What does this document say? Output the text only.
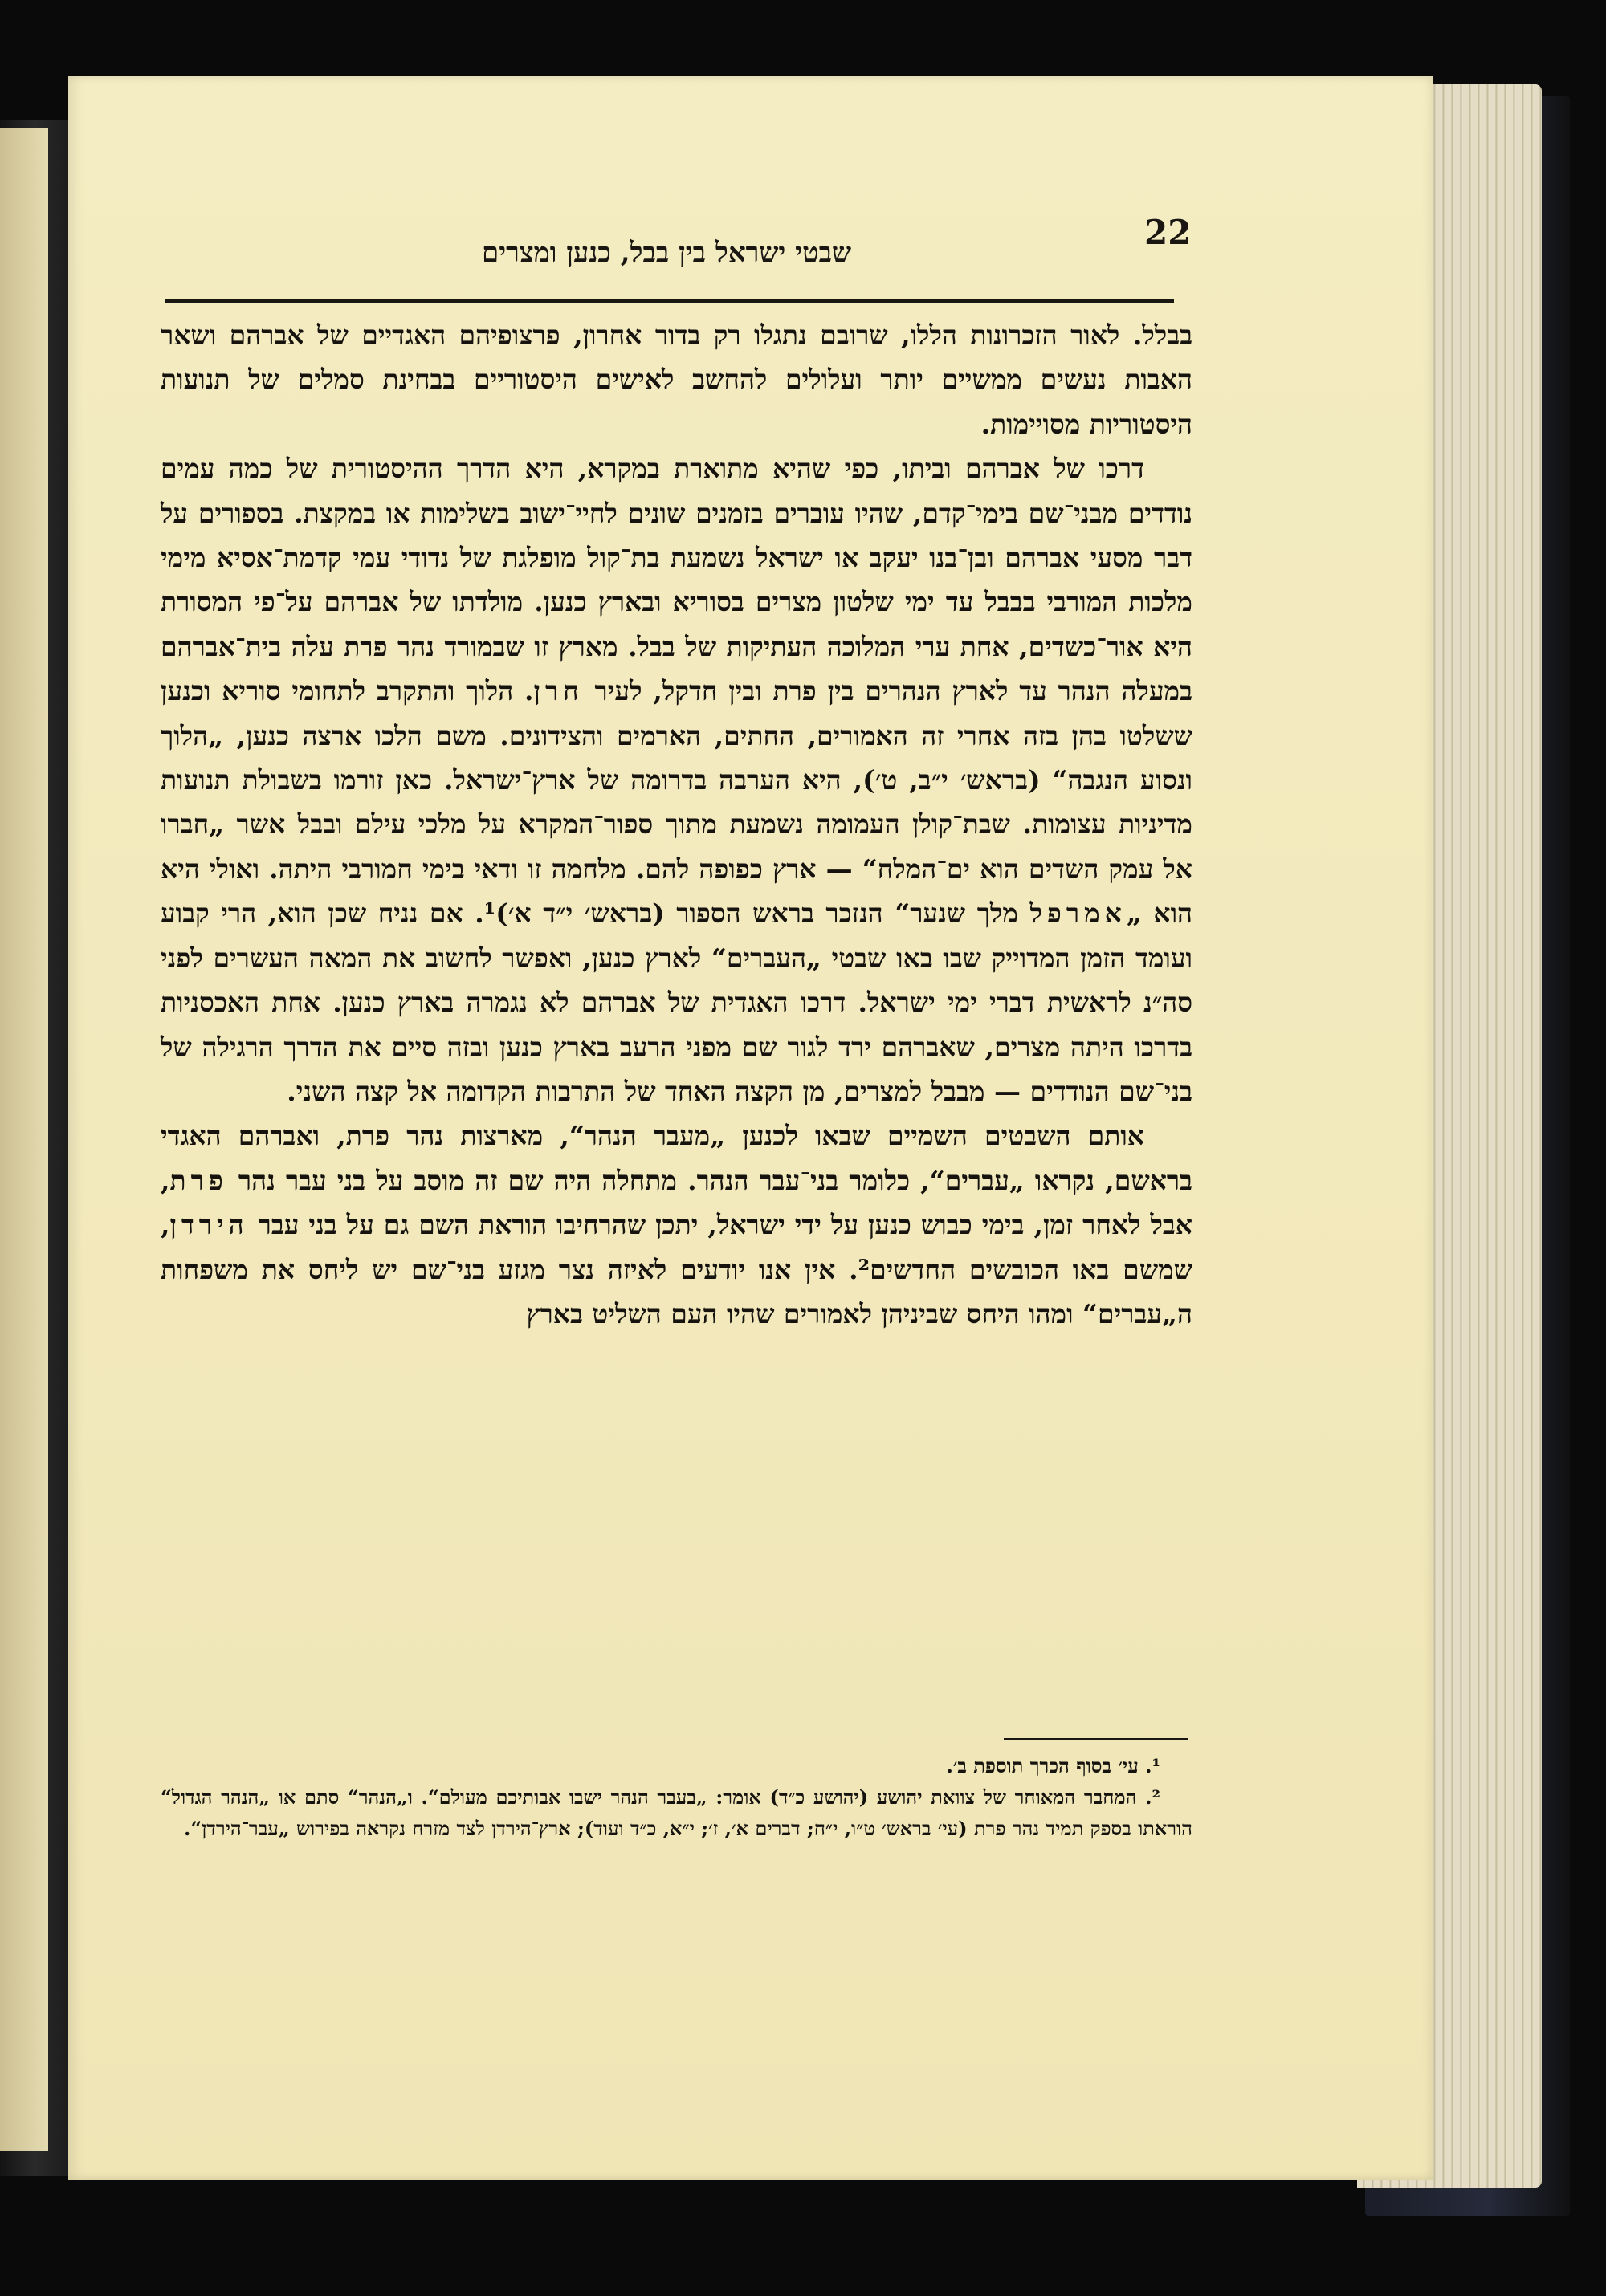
22
שבטי ישראל בין בבל, כנען ומצרים

בבלל. לאור הזכרונות הללו, שרובם נתגלו רק בדור אחרון, פרצופיהם האגדיים של אברהם ושאר האבות נעשים ממשיים יותר ועלולים להחשב לאישים היסטוריים בבחינת סמלים של תנועות היסטוריות מסויימות.

דרכו של אברהם וביתו, כפי שהיא מתוארת במקרא, היא הדרך ההיסטורית של כמה עמים נודדים מבני־שם בימי־קדם, שהיו עוברים בזמנים שונים לחיי־ישוב בשלימות או במקצת. בספורים על דבר מסעי אברהם ובן־בנו יעקב או ישראל נשמעת בת־קול מופלגת של נדודי עמי קדמת־אסיא מימי מלכות המורבי בבבל עד ימי שלטון מצרים בסוריא ובארץ כנען. מולדתו של אברהם על־פי המסורת היא אור־כשדים, אחת ערי המלוכה העתיקות של בבל. מארץ זו שבמורד נהר פרת עלה בית־אברהם במעלה הנהר עד לארץ הנהרים בין פרת ובין חדקל, לעיר חרן. הלוך והתקרב לתחומי סוריא וכנען ששלטו בהן בזה אחרי זה האמורים, החתים, הארמים והצידונים. משם הלכו ארצה כנען, „הלוך ונסוע הנגבה“ (בראש׳ י״ב, ט׳), היא הערבה בדרומה של ארץ־ישראל. כאן זורמו בשבולת תנועות מדיניות עצומות. שבת־קולן העמומה נשמעת מתוך ספור־המקרא על מלכי עילם ובבל אשר „חברו אל עמק השדים הוא ים־המלח“ — ארץ כפופה להם. מלחמה זו ודאי בימי חמורבי היתה. ואולי היא הוא „אמרפל מלך שנער“ הנזכר בראש הספור (בראש׳ י״ד א׳)¹. אם נניח שכן הוא, הרי קבוע ועומד הזמן המדוייק שבו באו שבטי „העברים“ לארץ כנען, ואפשר לחשוב את המאה העשרים לפני סה״נ לראשית דברי ימי ישראל. דרכו האגדית של אברהם לא נגמרה בארץ כנען. אחת האכסניות בדרכו היתה מצרים, שאברהם ירד לגור שם מפני הרעב בארץ כנען ובזה סיים את הדרך הרגילה של בני־שם הנודדים — מבבל למצרים, מן הקצה האחד של התרבות הקדומה אל קצה השני.

אותם השבטים השמיים שבאו לכנען „מעבר הנהר“, מארצות נהר פרת, ואברהם האגדי בראשם, נקראו „עברים“, כלומר בני־עבר הנהר. מתחלה היה שם זה מוסב על בני עבר נהר פרת, אבל לאחר זמן, בימי כבוש כנען על ידי ישראל, יתכן שהרחיבו הוראת השם גם על בני עבר הירדן, שמשם באו הכובשים החדשים². אין אנו יודעים לאיזה נצר מגזע בני־שם יש ליחס את משפחות ה„עברים“ ומהו היחס שביניהן לאמורים שהיו העם השליט בארץ

¹. עי׳ בסוף הכרך תוספת ב׳.

². המחבר המאוחר של צוואת יהושע (יהושע כ״ד) אומר: „בעבר הנהר ישבו אבותיכם מעולם“. ו„הנהר“ סתם או „הנהר הגדול“ הוראתו בספק תמיד נהר פרת (עי׳ בראש׳ ט״ו, י״ח; דברים א׳, ז׳; י״א, כ״ד ועוד); ארץ־הירדן לצד מזרח נקראה בפירוש „עבר־הירדן“.
